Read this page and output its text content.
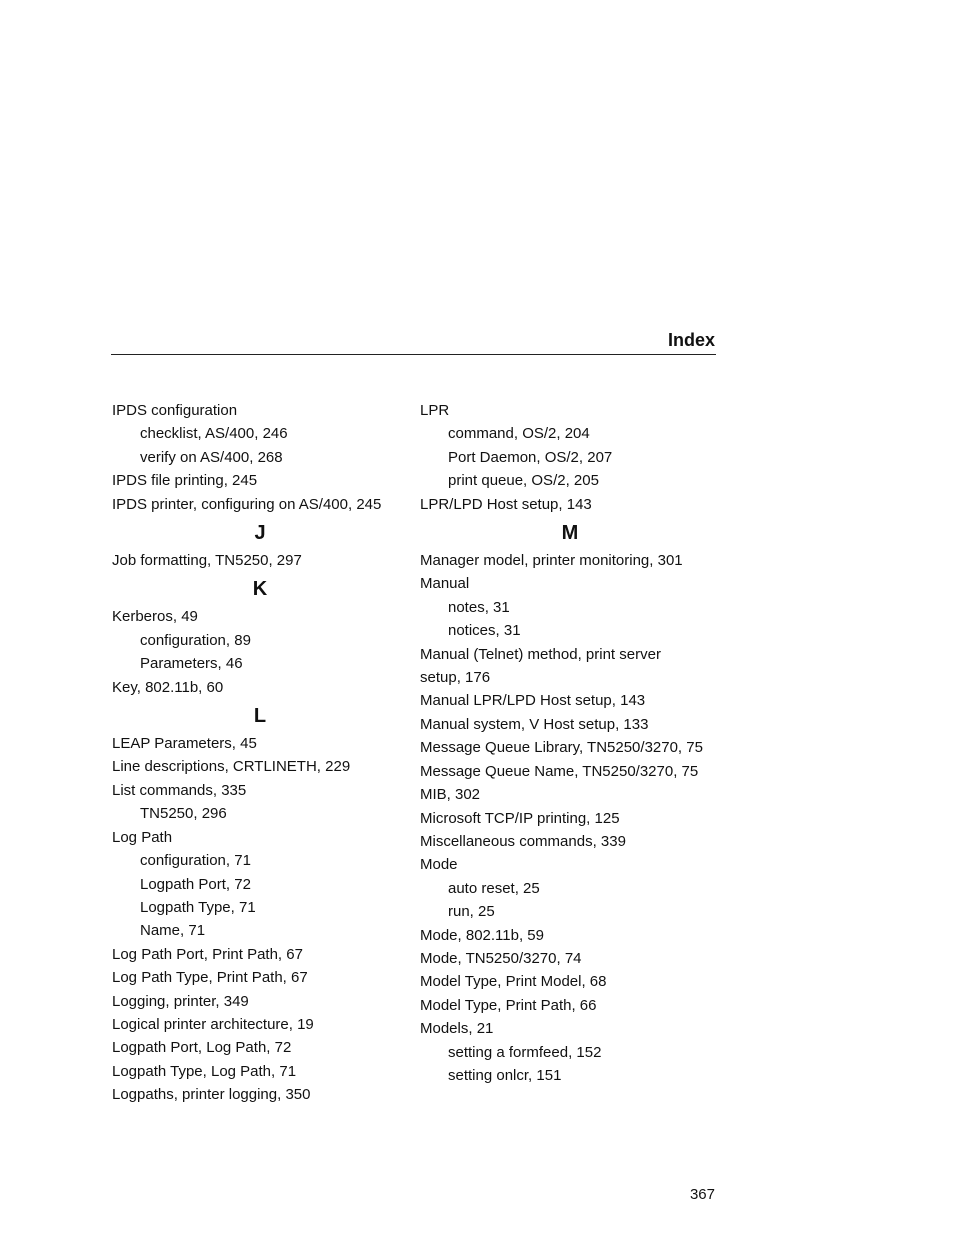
Index
IPDS configuration
checklist, AS/400, 246
verify on AS/400, 268
IPDS file printing, 245
IPDS printer, configuring on AS/400, 245
J
Job formatting, TN5250, 297
K
Kerberos, 49
configuration, 89
Parameters, 46
Key, 802.11b, 60
L
LEAP Parameters, 45
Line descriptions, CRTLINETH, 229
List commands, 335
TN5250, 296
Log Path
configuration, 71
Logpath Port, 72
Logpath Type, 71
Name, 71
Log Path Port, Print Path, 67
Log Path Type, Print Path, 67
Logging, printer, 349
Logical printer architecture, 19
Logpath Port, Log Path, 72
Logpath Type, Log Path, 71
Logpaths, printer logging, 350
LPR
command, OS/2, 204
Port Daemon, OS/2, 207
print queue, OS/2, 205
LPR/LPD Host setup, 143
M
Manager model, printer monitoring, 301
Manual
notes, 31
notices, 31
Manual (Telnet) method, print server
setup, 176
Manual LPR/LPD Host setup, 143
Manual system, V Host setup, 133
Message Queue Library, TN5250/3270, 75
Message Queue Name, TN5250/3270, 75
MIB, 302
Microsoft TCP/IP printing, 125
Miscellaneous commands, 339
Mode
auto reset, 25
run, 25
Mode, 802.11b, 59
Mode, TN5250/3270, 74
Model Type, Print Model, 68
Model Type, Print Path, 66
Models, 21
setting a formfeed, 152
setting onlcr, 151
367
